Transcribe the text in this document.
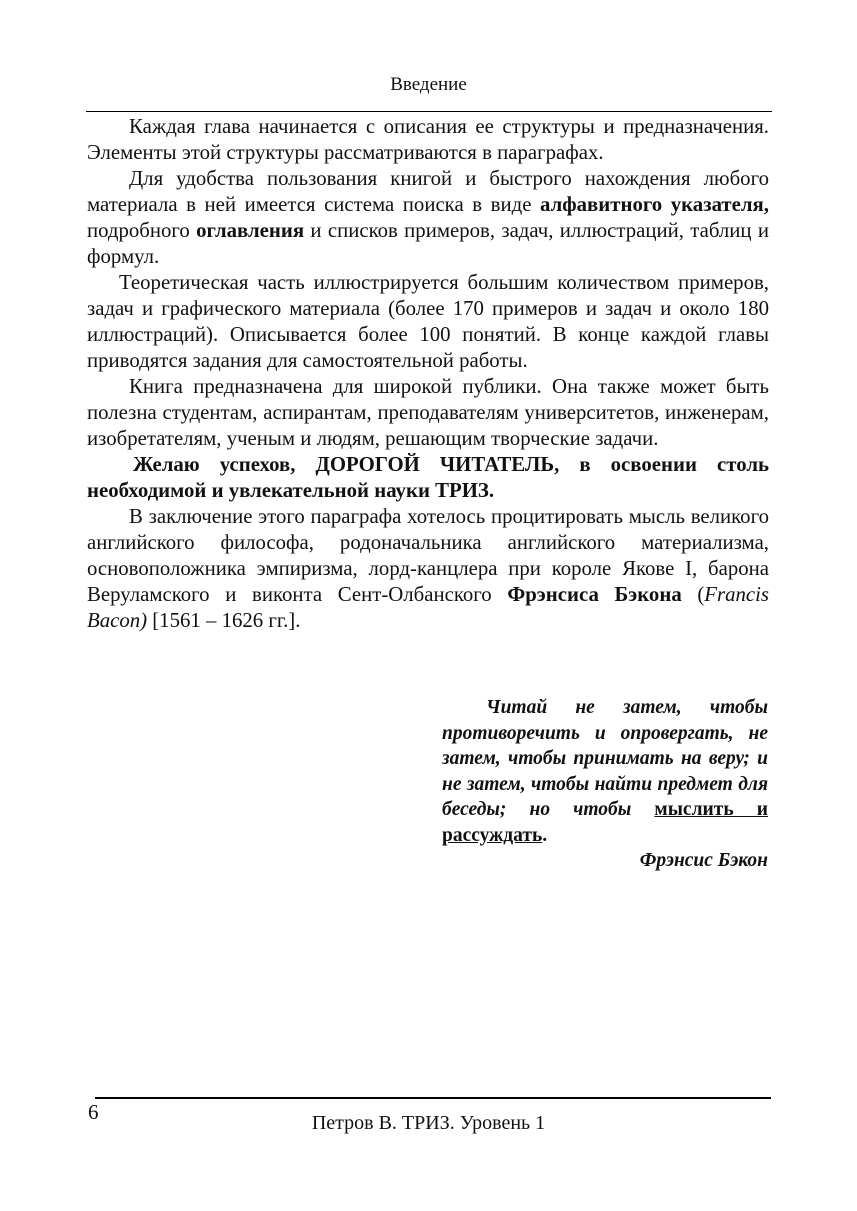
Введение

Каждая глава начинается с описания ее структуры и предназначения. Элементы этой структуры рассматриваются в параграфах.

Для удобства пользования книгой и быстрого нахождения любого материала в ней имеется система поиска в виде алфавитного указателя, подробного оглавления и списков примеров, задач, иллюстраций, таблиц и формул.

Теоретическая часть иллюстрируется большим количеством примеров, задач и графического материала (более 170 примеров и задач и около 180 иллюстраций). Описывается более 100 понятий. В конце каждой главы приводятся задания для самостоятельной работы.

Книга предназначена для широкой публики. Она также может быть полезна студентам, аспирантам, преподавателям университетов, инженерам, изобретателям, ученым и людям, решающим творческие задачи.

Желаю успехов, ДОРОГОЙ ЧИТАТЕЛЬ, в освоении столь необходимой и увлекательной науки ТРИЗ.

В заключение этого параграфа хотелось процитировать мысль великого английского философа, родоначальника английского материализма, основоположника эмпиризма, лорд-канцлера при короле Якове I, барона Веруламского и виконта Сент-Олбанского Фрэнсиса Бэкона (Francis Bacon) [1561 – 1626 гг.].

Читай не затем, чтобы противоречить и опровергать, не затем, чтобы принимать на веру; и не затем, чтобы найти предмет для беседы; но чтобы мыслить и рассуждать.

Фрэнсис Бэкон

6	Петров В. ТРИЗ. Уровень 1
